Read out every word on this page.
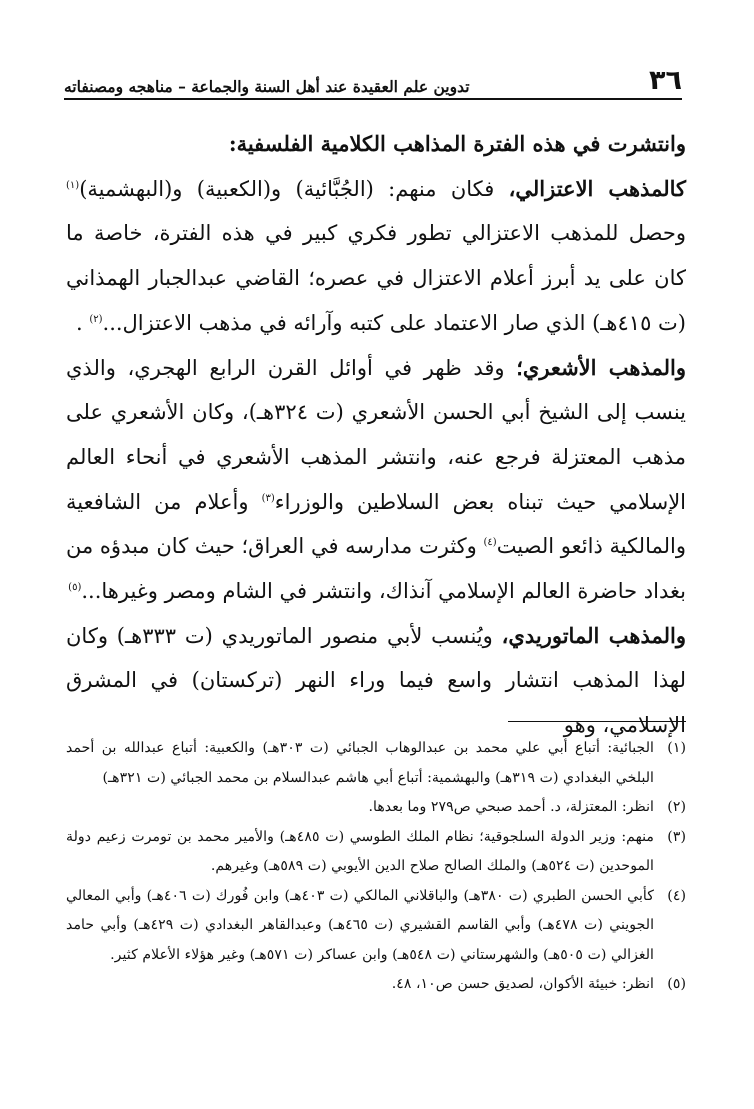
٣٦
تدوين علم العقيدة عند أهل السنة والجماعة – مناهجه ومصنفاته

وانتشرت في هذه الفترة المذاهب الكلامية الفلسفية:

كالمذهب الاعتزالي، فكان منهم: (الجُبَّائية) و(الكعبية) و(البهشمية)$^{(١)}$ وحصل للمذهب الاعتزالي تطور فكري كبير في هذه الفترة، خاصة ما كان على يد أبرز أعلام الاعتزال في عصره؛ القاضي عبدالجبار الهمذاني (ت ٤١٥هـ) الذي صار الاعتماد على كتبه وآرائه في مذهب الاعتزال...$^{(٢)}$ .

والمذهب الأشعري؛ وقد ظهر في أوائل القرن الرابع الهجري، والذي ينسب إلى الشيخ أبي الحسن الأشعري (ت ٣٢٤هـ)، وكان الأشعري على مذهب المعتزلة فرجع عنه، وانتشر المذهب الأشعري في أنحاء العالم الإسلامي حيث تبناه بعض السلاطين والوزراء$^{(٣)}$ وأعلام من الشافعية والمالكية ذائعو الصيت$^{(٤)}$ وكثرت مدارسه في العراق؛ حيث كان مبدؤه من بغداد حاضرة العالم الإسلامي آنذاك، وانتشر في الشام ومصر وغيرها...$^{(٥)}$

والمذهب الماتوريدي، ويُنسب لأبي منصور الماتوريدي (ت ٣٣٣هـ) وكان لهذا المذهب انتشار واسع فيما وراء النهر (تركستان) في المشرق الإسلامي، وهو

(١)
الجبائية: أتباع أبي علي محمد بن عبدالوهاب الجبائي (ت ٣٠٣هـ) والكعبية: أتباع عبدالله بن أحمد البلخي البغدادي (ت ٣١٩هـ) والبهشمية: أتباع أبي هاشم عبدالسلام بن محمد الجبائي (ت ٣٢١هـ)
(٢)
انظر: المعتزلة، د. أحمد صبحي ص٢٧٩ وما بعدها.
(٣)
منهم: وزير الدولة السلجوقية؛ نظام الملك الطوسي (ت ٤٨٥هـ) والأمير محمد بن تومرت زعيم دولة الموحدين (ت ٥٢٤هـ) والملك الصالح صلاح الدين الأيوبي (ت ٥٨٩هـ) وغيرهم.
(٤)
كأبي الحسن الطبري (ت ٣٨٠هـ) والباقلاني المالكي (ت ٤٠٣هـ) وابن فُورك (ت ٤٠٦هـ) وأبي المعالي الجويني (ت ٤٧٨هـ) وأبي القاسم القشيري (ت ٤٦٥هـ) وعبدالقاهر البغدادي (ت ٤٢٩هـ) وأبي حامد الغزالي (ت ٥٠٥هـ) والشهرستاني (ت ٥٤٨هـ) وابن عساكر (ت ٥٧١هـ) وغير هؤلاء الأعلام كثير.
(٥)
انظر: خبيئة الأكوان، لصديق حسن ص١٠، ٤٨.
